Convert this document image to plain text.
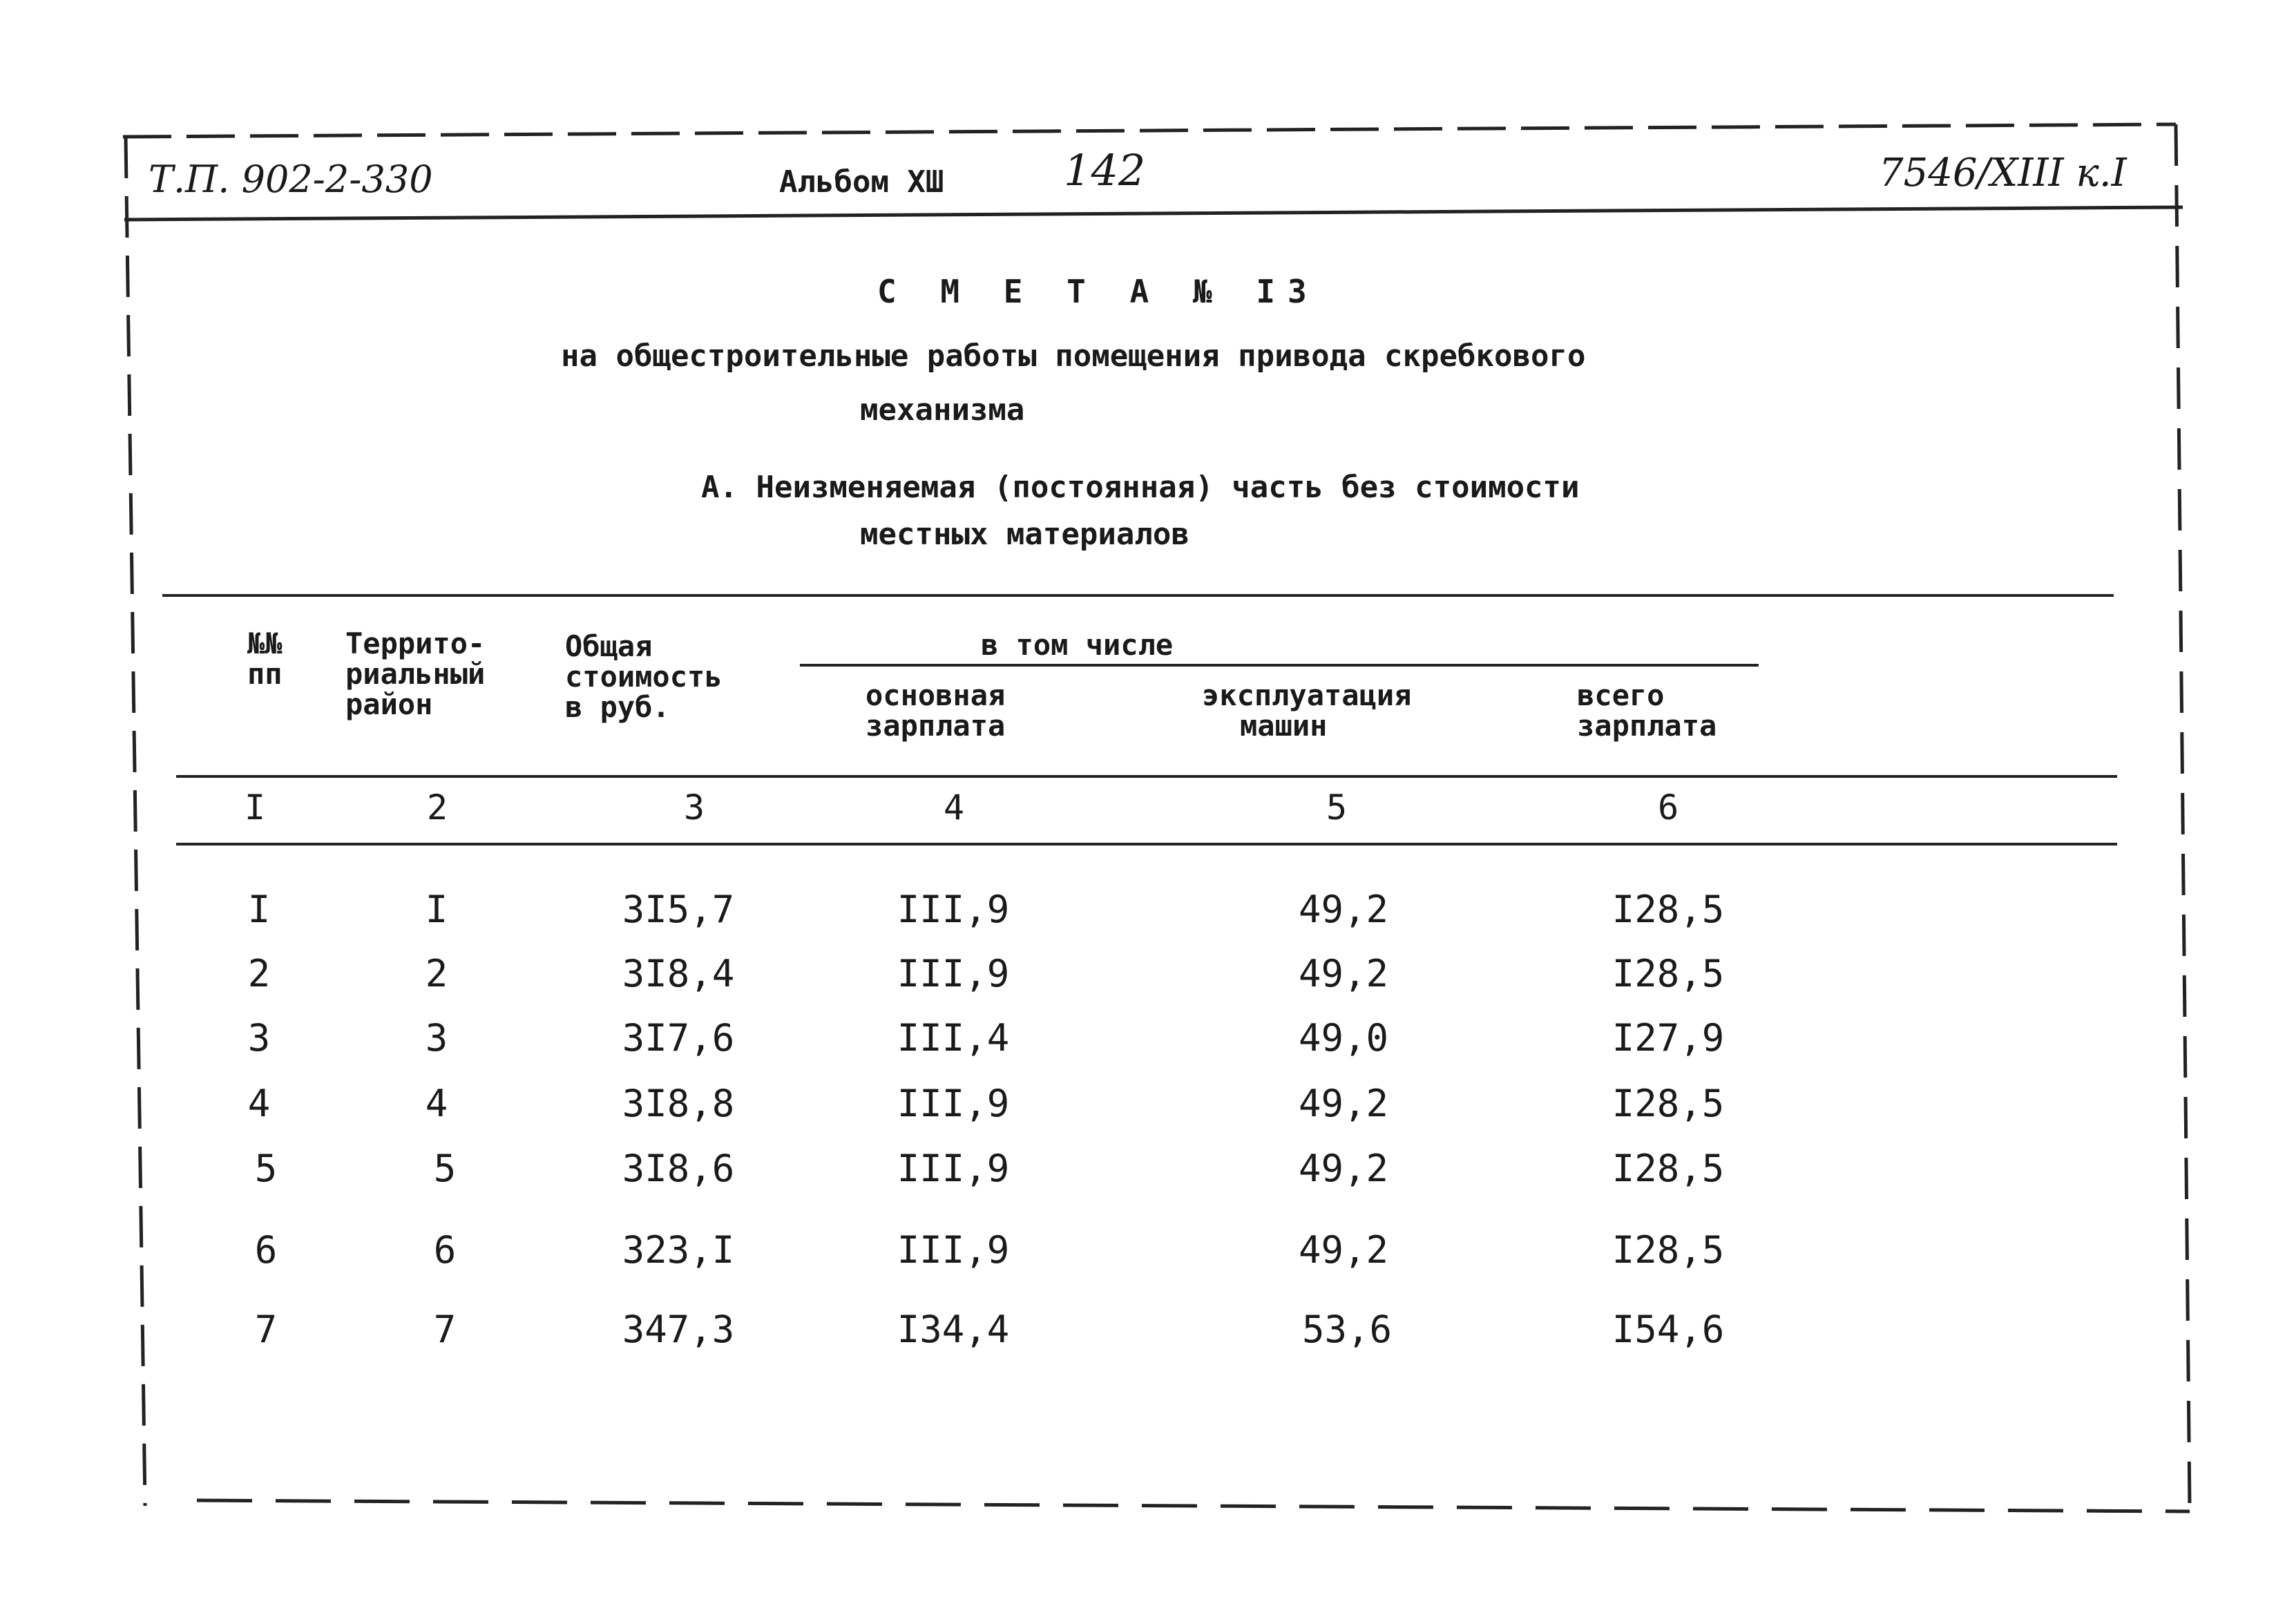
Т.П. 902-2-330	Альбом XШ	142	7546/XIII к.I
С М Е Т А № I3
на общестроительные работы помещения привода скребкового
механизма
А. Неизменяемая (постоянная) часть без стоимости
местных материалов
№№
пп
Террито-
риальный
район
Общая
стоимость
в руб.
в том числе
основная
зарплата
эксплуатация
машин
всего
зарплата
I	2	3	4	5	6
I	I	3I5,7	III,9	49,2	I28,5
2	2	3I8,4	III,9	49,2	I28,5
3	3	3I7,6	III,4	49,0	I27,9
4	4	3I8,8	III,9	49,2	I28,5
5	5	3I8,6	III,9	49,2	I28,5
6	6	323,I	III,9	49,2	I28,5
7	7	347,3	I34,4	53,6	I54,6
